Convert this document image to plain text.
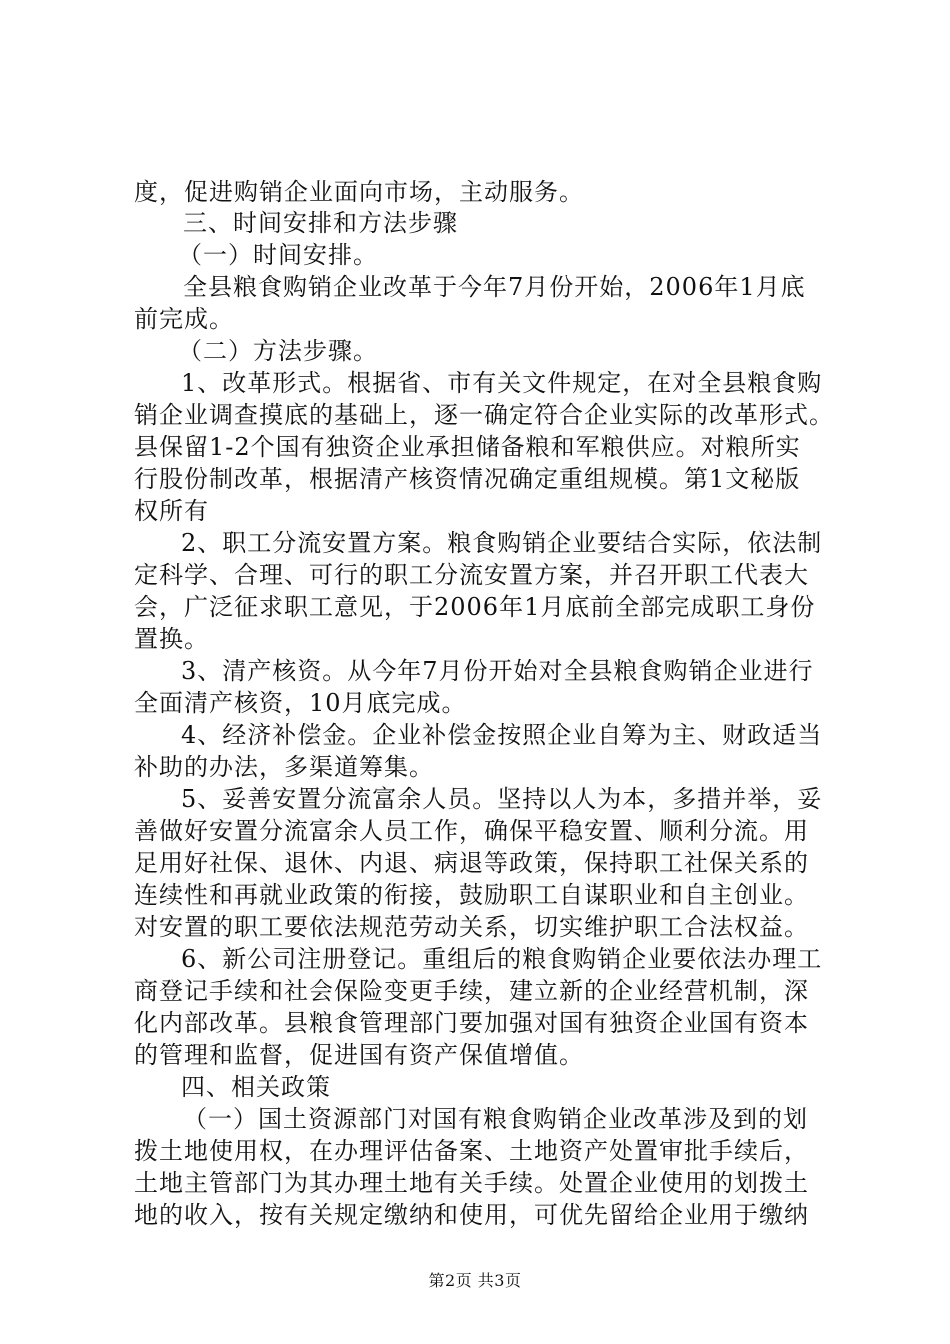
度，促进购销企业面向市场，主动服务。
三、时间安排和方法步骤
（一）时间安排。
全县粮食购销企业改革于今年7月份开始，2006年1月底
前完成。
（二）方法步骤。
1、改革形式。根据省、市有关文件规定，在对全县粮食购
销企业调查摸底的基础上，逐一确定符合企业实际的改革形式。
县保留1-2个国有独资企业承担储备粮和军粮供应。对粮所实
行股份制改革，根据清产核资情况确定重组规模。第1文秘版
权所有
2、职工分流安置方案。粮食购销企业要结合实际，依法制
定科学、合理、可行的职工分流安置方案，并召开职工代表大
会，广泛征求职工意见，于2006年1月底前全部完成职工身份
置换。
3、清产核资。从今年7月份开始对全县粮食购销企业进行
全面清产核资，10月底完成。
4、经济补偿金。企业补偿金按照企业自筹为主、财政适当
补助的办法，多渠道筹集。
5、妥善安置分流富余人员。坚持以人为本，多措并举，妥
善做好安置分流富余人员工作，确保平稳安置、顺利分流。用
足用好社保、退休、内退、病退等政策，保持职工社保关系的
连续性和再就业政策的衔接，鼓励职工自谋职业和自主创业。
对安置的职工要依法规范劳动关系，切实维护职工合法权益。
6、新公司注册登记。重组后的粮食购销企业要依法办理工
商登记手续和社会保险变更手续，建立新的企业经营机制，深
化内部改革。县粮食管理部门要加强对国有独资企业国有资本
的管理和监督，促进国有资产保值增值。
四、相关政策
（一）国土资源部门对国有粮食购销企业改革涉及到的划
拨土地使用权，在办理评估备案、土地资产处置审批手续后，
土地主管部门为其办理土地有关手续。处置企业使用的划拨土
地的收入，按有关规定缴纳和使用，可优先留给企业用于缴纳
第2页 共3页
